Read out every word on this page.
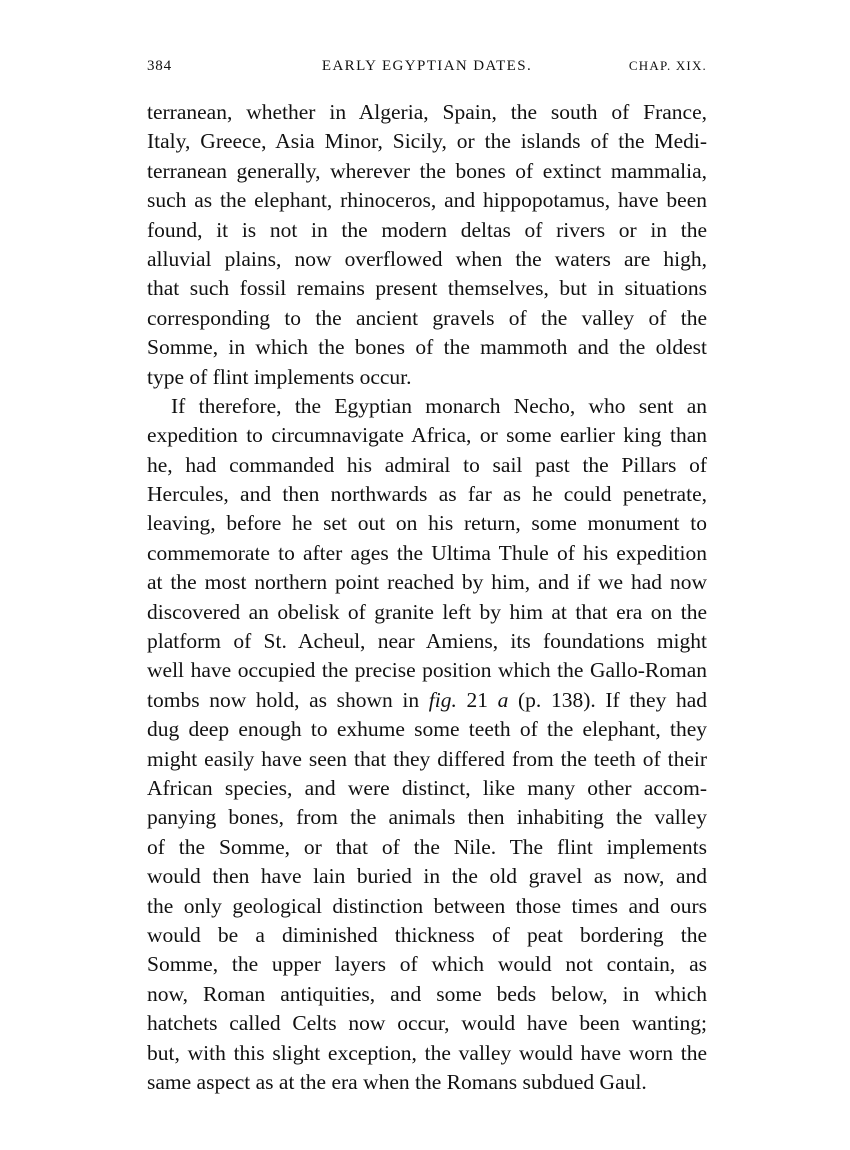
384	EARLY EGYPTIAN DATES.	CHAP. XIX.
terranean, whether in Algeria, Spain, the south of France,
Italy, Greece, Asia Minor, Sicily, or the islands of the Medi-
terranean generally, wherever the bones of extinct mammalia,
such as the elephant, rhinoceros, and hippopotamus, have been
found, it is not in the modern deltas of rivers or in the
alluvial plains, now overflowed when the waters are high,
that such fossil remains present themselves, but in situations
corresponding to the ancient gravels of the valley of the
Somme, in which the bones of the mammoth and the oldest
type of flint implements occur.
If therefore, the Egyptian monarch Necho, who sent an
expedition to circumnavigate Africa, or some earlier king than
he, had commanded his admiral to sail past the Pillars of
Hercules, and then northwards as far as he could penetrate,
leaving, before he set out on his return, some monument to
commemorate to after ages the Ultima Thule of his expedition
at the most northern point reached by him, and if we had now
discovered an obelisk of granite left by him at that era on the
platform of St. Acheul, near Amiens, its foundations might
well have occupied the precise position which the Gallo-Roman
tombs now hold, as shown in fig. 21 a (p. 138). If they had
dug deep enough to exhume some teeth of the elephant, they
might easily have seen that they differed from the teeth of their
African species, and were distinct, like many other accom-
panying bones, from the animals then inhabiting the valley
of the Somme, or that of the Nile. The flint implements
would then have lain buried in the old gravel as now, and
the only geological distinction between those times and ours
would be a diminished thickness of peat bordering the
Somme, the upper layers of which would not contain, as
now, Roman antiquities, and some beds below, in which
hatchets called Celts now occur, would have been wanting;
but, with this slight exception, the valley would have worn the
same aspect as at the era when the Romans subdued Gaul.
